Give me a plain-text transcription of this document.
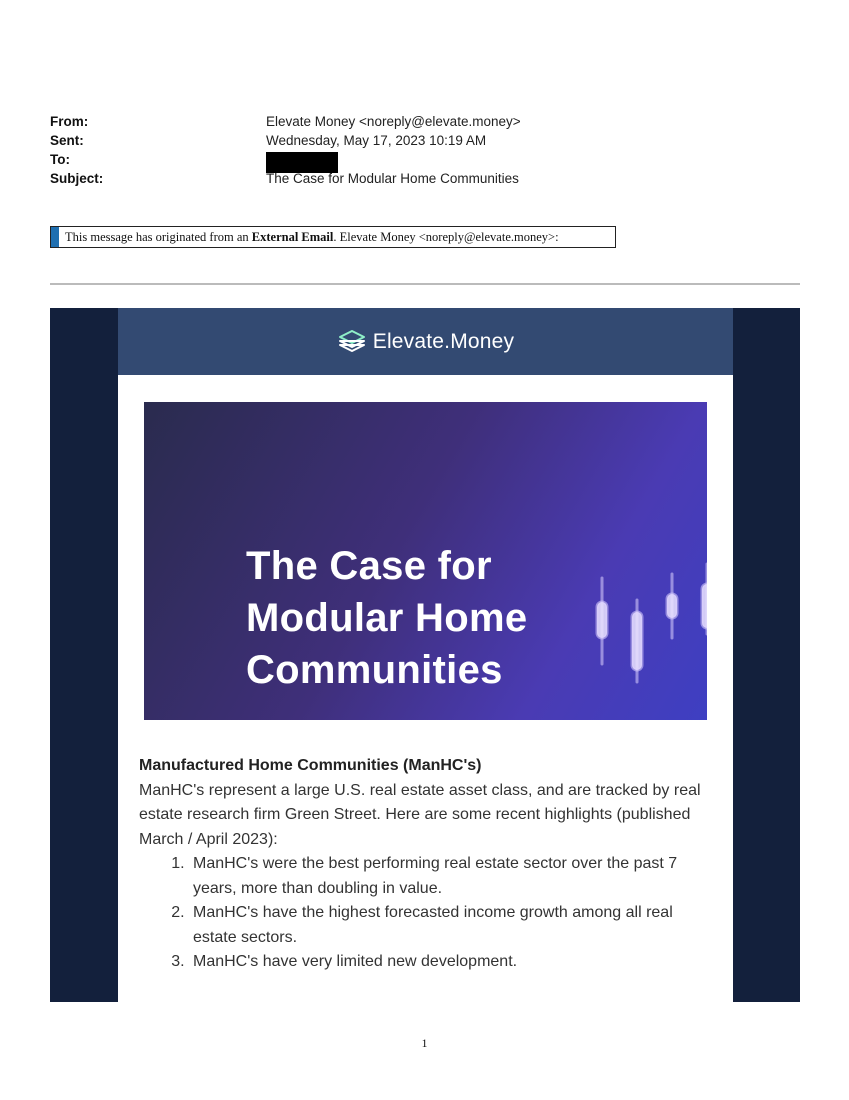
From:	Elevate Money <noreply@elevate.money>
Sent:	Wednesday, May 17, 2023 10:19 AM
To:
Subject:	The Case for Modular Home Communities
This message has originated from an External Email. Elevate Money <noreply@elevate.money>:
Elevate.Money
The Case for
Modular Home
Communities
Manufactured Home Communities (ManHC's)
ManHC's represent a large U.S. real estate asset class, and are tracked by real estate research firm Green Street. Here are some recent highlights (published March / April 2023):
1. ManHC's were the best performing real estate sector over the past 7 years, more than doubling in value.
2. ManHC's have the highest forecasted income growth among all real estate sectors.
3. ManHC's have very limited new development.
1
